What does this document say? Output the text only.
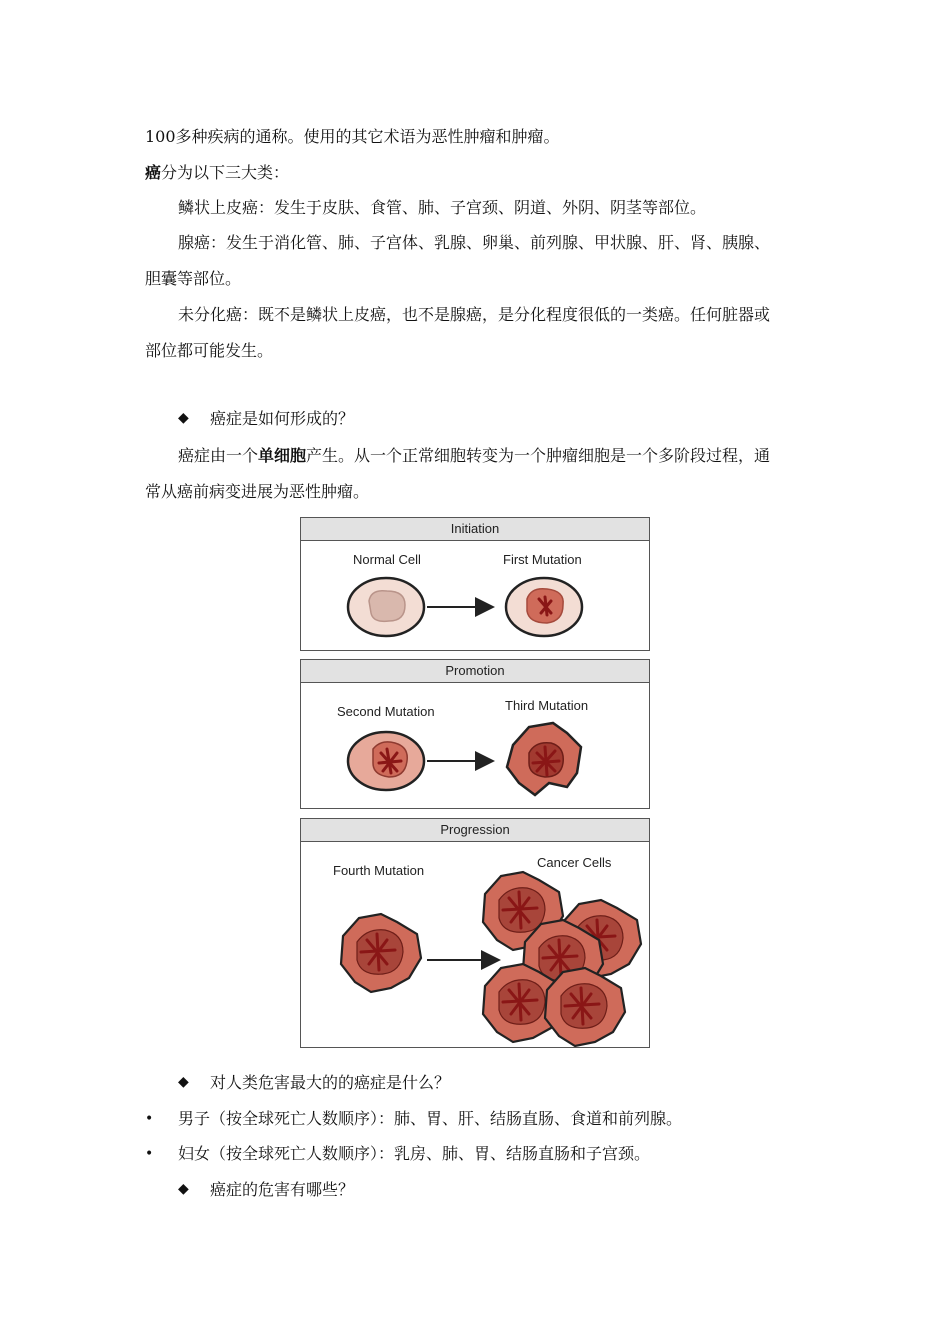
100多种疾病的通称。使用的其它术语为恶性肿瘤和肿瘤。
癌分为以下三大类：
鳞状上皮癌：发生于皮肤、食管、肺、子宫颈、阴道、外阴、阴茎等部位。
腺癌：发生于消化管、肺、子宫体、乳腺、卵巢、前列腺、甲状腺、肝、肾、胰腺、
胆囊等部位。
未分化癌：既不是鳞状上皮癌，也不是腺癌，是分化程度很低的一类癌。任何脏器或
部位都可能发生。
◆ 癌症是如何形成的？
癌症由一个单细胞产生。从一个正常细胞转变为一个肿瘤细胞是一个多阶段过程，通
常从癌前病变进展为恶性肿瘤。
Initiation
Normal Cell	First Mutation
Promotion
Second Mutation	Third Mutation
Progression
Fourth Mutation
Cancer Cells
◆ 对人类危害最大的的癌症是什么？
• 男子（按全球死亡人数顺序）：肺、胃、肝、结肠直肠、食道和前列腺。
• 妇女（按全球死亡人数顺序）：乳房、肺、胃、结肠直肠和子宫颈。
◆ 癌症的危害有哪些？
